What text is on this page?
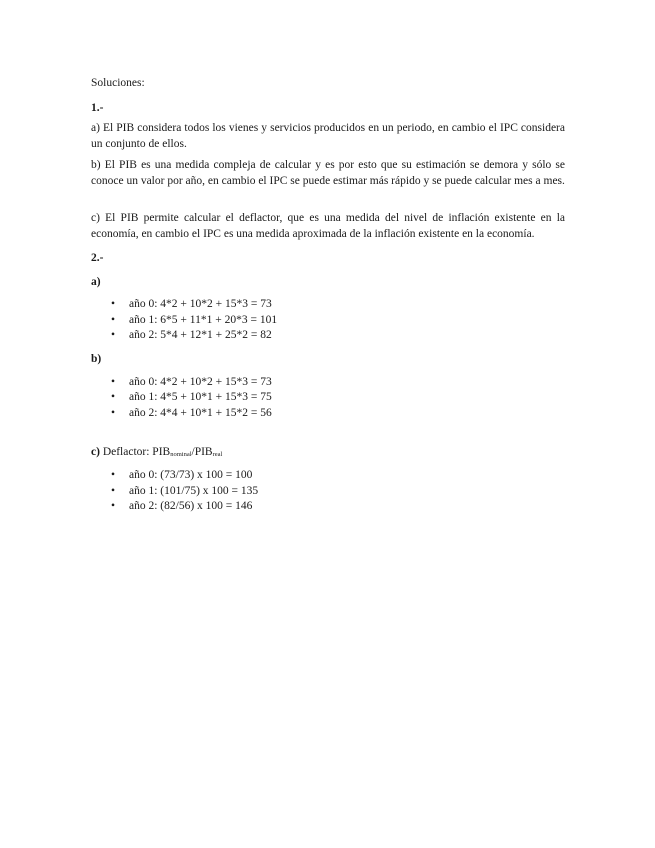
Soluciones:
1.-
a) El PIB considera todos los vienes y servicios producidos en un periodo, en cambio el IPC considera un conjunto de ellos.
b) El PIB es una medida compleja de calcular y es por esto que su estimación se demora y sólo se conoce un valor por año, en cambio el IPC se puede estimar más rápido y se puede calcular mes a mes.
c) El PIB permite calcular el deflactor, que es una medida del nivel de inflación existente en la economía, en cambio el IPC es una medida aproximada de la inflación existente en la economía.
2.-
a)
• año 0: 4*2 + 10*2 + 15*3 = 73
• año 1: 6*5 + 11*1 + 20*3 = 101
• año 2: 5*4 + 12*1 + 25*2 = 82
b)
• año 0: 4*2 + 10*2 + 15*3 = 73
• año 1: 4*5 + 10*1 + 15*3 = 75
• año 2: 4*4 + 10*1 + 15*2 = 56
c) Deflactor: $PIB_{nominal}/PIB_{real}$
• año 0: (73/73) x 100 = 100
• año 1: (101/75) x 100 = 135
• año 2: (82/56) x 100 = 146
